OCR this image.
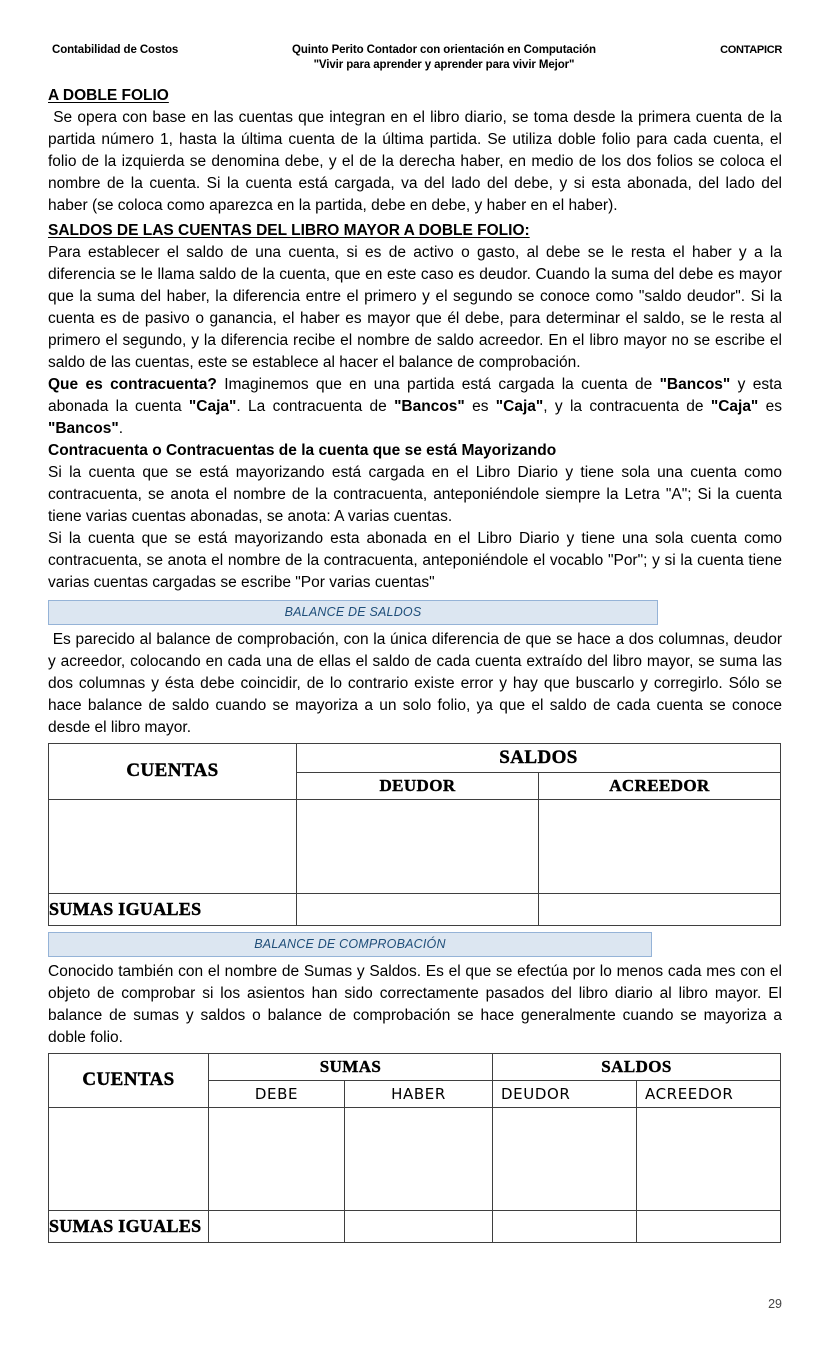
Contabilidad de Costos	Quinto Perito Contador con orientación en Computación
"Vivir para aprender y aprender para vivir Mejor"
CONTAPICR
A DOBLE FOLIO

Se opera con base en las cuentas que integran en el libro diario, se toma desde la primera cuenta de la partida número 1, hasta la última cuenta de la última partida. Se utiliza doble folio para cada cuenta, el folio de la izquierda se denomina debe, y el de la derecha haber, en medio de los dos folios se coloca el nombre de la cuenta. Si la cuenta está cargada, va del lado del debe, y si esta abonada, del lado del haber (se coloca como aparezca en la partida, debe en debe, y haber en el haber).

SALDOS DE LAS CUENTAS DEL LIBRO MAYOR A DOBLE FOLIO:

Para establecer el saldo de una cuenta, si es de activo o gasto, al debe se le resta el haber y a la diferencia se le llama saldo de la cuenta, que en este caso es deudor. Cuando la suma del debe es mayor que la suma del haber, la diferencia entre el primero y el segundo se conoce como "saldo deudor". Si la cuenta es de pasivo o ganancia, el haber es mayor que él debe, para determinar el saldo, se le resta al primero el segundo, y la diferencia recibe el nombre de saldo acreedor. En el libro mayor no se escribe el saldo de las cuentas, este se establece al hacer el balance de comprobación.

Que es contracuenta? Imaginemos que en una partida está cargada la cuenta de "Bancos" y esta abonada la cuenta "Caja". La contracuenta de "Bancos" es "Caja", y la contracuenta de "Caja" es "Bancos".

Contracuenta o Contracuentas de la cuenta que se está Mayorizando

Si la cuenta que se está mayorizando está cargada en el Libro Diario y tiene sola una cuenta como contracuenta, se anota el nombre de la contracuenta, anteponiéndole siempre la Letra "A"; Si la cuenta tiene varias cuentas abonadas, se anota: A varias cuentas.

Si la cuenta que se está mayorizando esta abonada en el Libro Diario y tiene una sola cuenta como contracuenta, se anota el nombre de la contracuenta, anteponiéndole el vocablo "Por"; y si la cuenta tiene varias cuentas cargadas se escribe "Por varias cuentas"

BALANCE DE SALDOS

Es parecido al balance de comprobación, con la única diferencia de que se hace a dos columnas, deudor y acreedor, colocando en cada una de ellas el saldo de cada cuenta extraído del libro mayor, se suma las dos columnas y ésta debe coincidir, de lo contrario existe error y hay que buscarlo y corregirlo. Sólo se hace balance de saldo cuando se mayoriza a un solo folio, ya que el saldo de cada cuenta se conoce desde el libro mayor.

CUENTAS	SALDOS	
	DEUDOR	ACREEDOR

SUMAS IGUALES		
BALANCE DE COMPROBACIÓN

Conocido también con el nombre de Sumas y Saldos. Es el que se efectúa por lo menos cada mes con el objeto de comprobar si los asientos han sido correctamente pasados del libro diario al libro mayor. El balance de sumas y saldos o balance de comprobación se hace generalmente cuando se mayoriza a doble folio.

CUENTAS	SUMAS		SALDOS	
	DEBE	HABER	DEUDOR	ACREEDOR

SUMAS IGUALES				
29
